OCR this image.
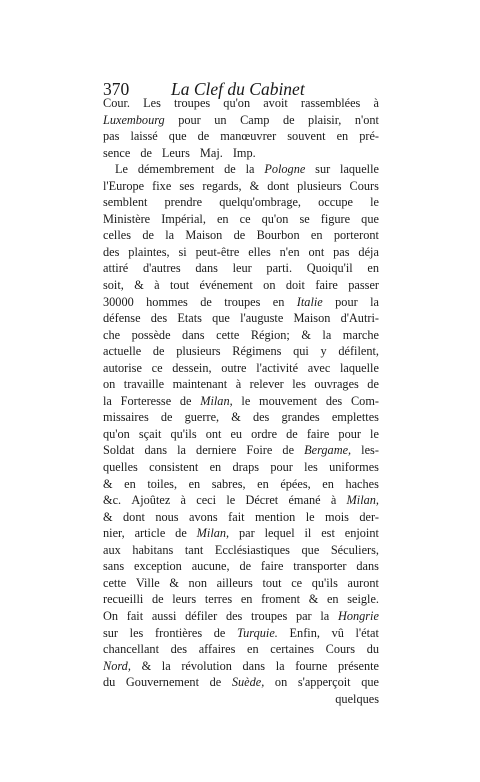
370 La Clef du Cabinet
Cour. Les troupes qu'on avoit rassemblées à
Luxembourg pour un Camp de plaisir, n'ont
pas laissé que de manœuvrer souvent en pré-
sence de Leurs Maj. Imp.
Le démembrement de la Pologne sur laquelle
l'Europe fixe ses regards, & dont plusieurs Cours
semblent prendre quelqu'ombrage, occupe le
Ministère Impérial, en ce qu'on se figure que
celles de la Maison de Bourbon en porteront
des plaintes, si peut-être elles n'en ont pas déja
attiré d'autres dans leur parti. Quoiqu'il en
soit, & à tout événement on doit faire passer
30000 hommes de troupes en Italie pour la
défense des Etats que l'auguste Maison d'Autri-
che possède dans cette Région; & la marche
actuelle de plusieurs Régimens qui y défilent,
autorise ce dessein, outre l'activité avec laquelle
on travaille maintenant à relever les ouvrages de
la Forteresse de Milan, le mouvement des Com-
missaires de guerre, & des grandes emplettes
qu'on sçait qu'ils ont eu ordre de faire pour le
Soldat dans la derniere Foire de Bergame, les-
quelles consistent en draps pour les uniformes
& en toiles, en sabres, en épées, en haches
&c. Ajoûtez à ceci le Décret émané à Milan,
& dont nous avons fait mention le mois der-
nier, article de Milan, par lequel il est enjoint
aux habitans tant Ecclésiastiques que Séculiers,
sans exception aucune, de faire transporter dans
cette Ville & non ailleurs tout ce qu'ils auront
recueilli de leurs terres en froment & en seigle.
On fait aussi défiler des troupes par la Hongrie
sur les frontières de Turquie. Enfin, vû l'état
chancellant des affaires en certaines Cours du
Nord, & la révolution dans la fourne présente
du Gouvernement de Suède, on s'apperçoit que
quelques
